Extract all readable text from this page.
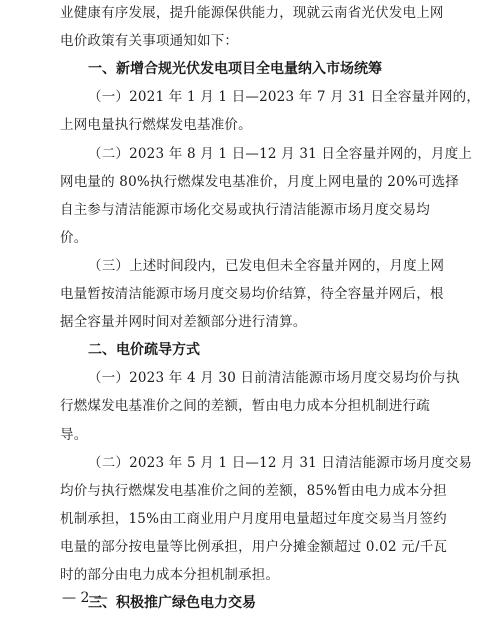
业健康有序发展，提升能源保供能力，现就云南省光伏发电上网
电价政策有关事项通知如下：
一、新增合规光伏发电项目全电量纳入市场统筹
（一）2021 年 1 月 1 日—2023 年 7 月 31 日全容量并网的，
上网电量执行燃煤发电基准价。
（二）2023 年 8 月 1 日—12 月 31 日全容量并网的，月度上
网电量的 80%执行燃煤发电基准价，月度上网电量的 20%可选择
自主参与清洁能源市场化交易或执行清洁能源市场月度交易均
价。
（三）上述时间段内，已发电但未全容量并网的，月度上网
电量暂按清洁能源市场月度交易均价结算，待全容量并网后，根
据全容量并网时间对差额部分进行清算。
二、电价疏导方式
（一）2023 年 4 月 30 日前清洁能源市场月度交易均价与执
行燃煤发电基准价之间的差额，暂由电力成本分担机制进行疏
导。
（二）2023 年 5 月 1 日—12 月 31 日清洁能源市场月度交易
均价与执行燃煤发电基准价之间的差额，85%暂由电力成本分担
机制承担，15%由工商业用户月度用电量超过年度交易当月签约
电量的部分按电量等比例承担，用户分摊金额超过 0.02 元/千瓦
时的部分由电力成本分担机制承担。
— 2 —
三、积极推广绿色电力交易
